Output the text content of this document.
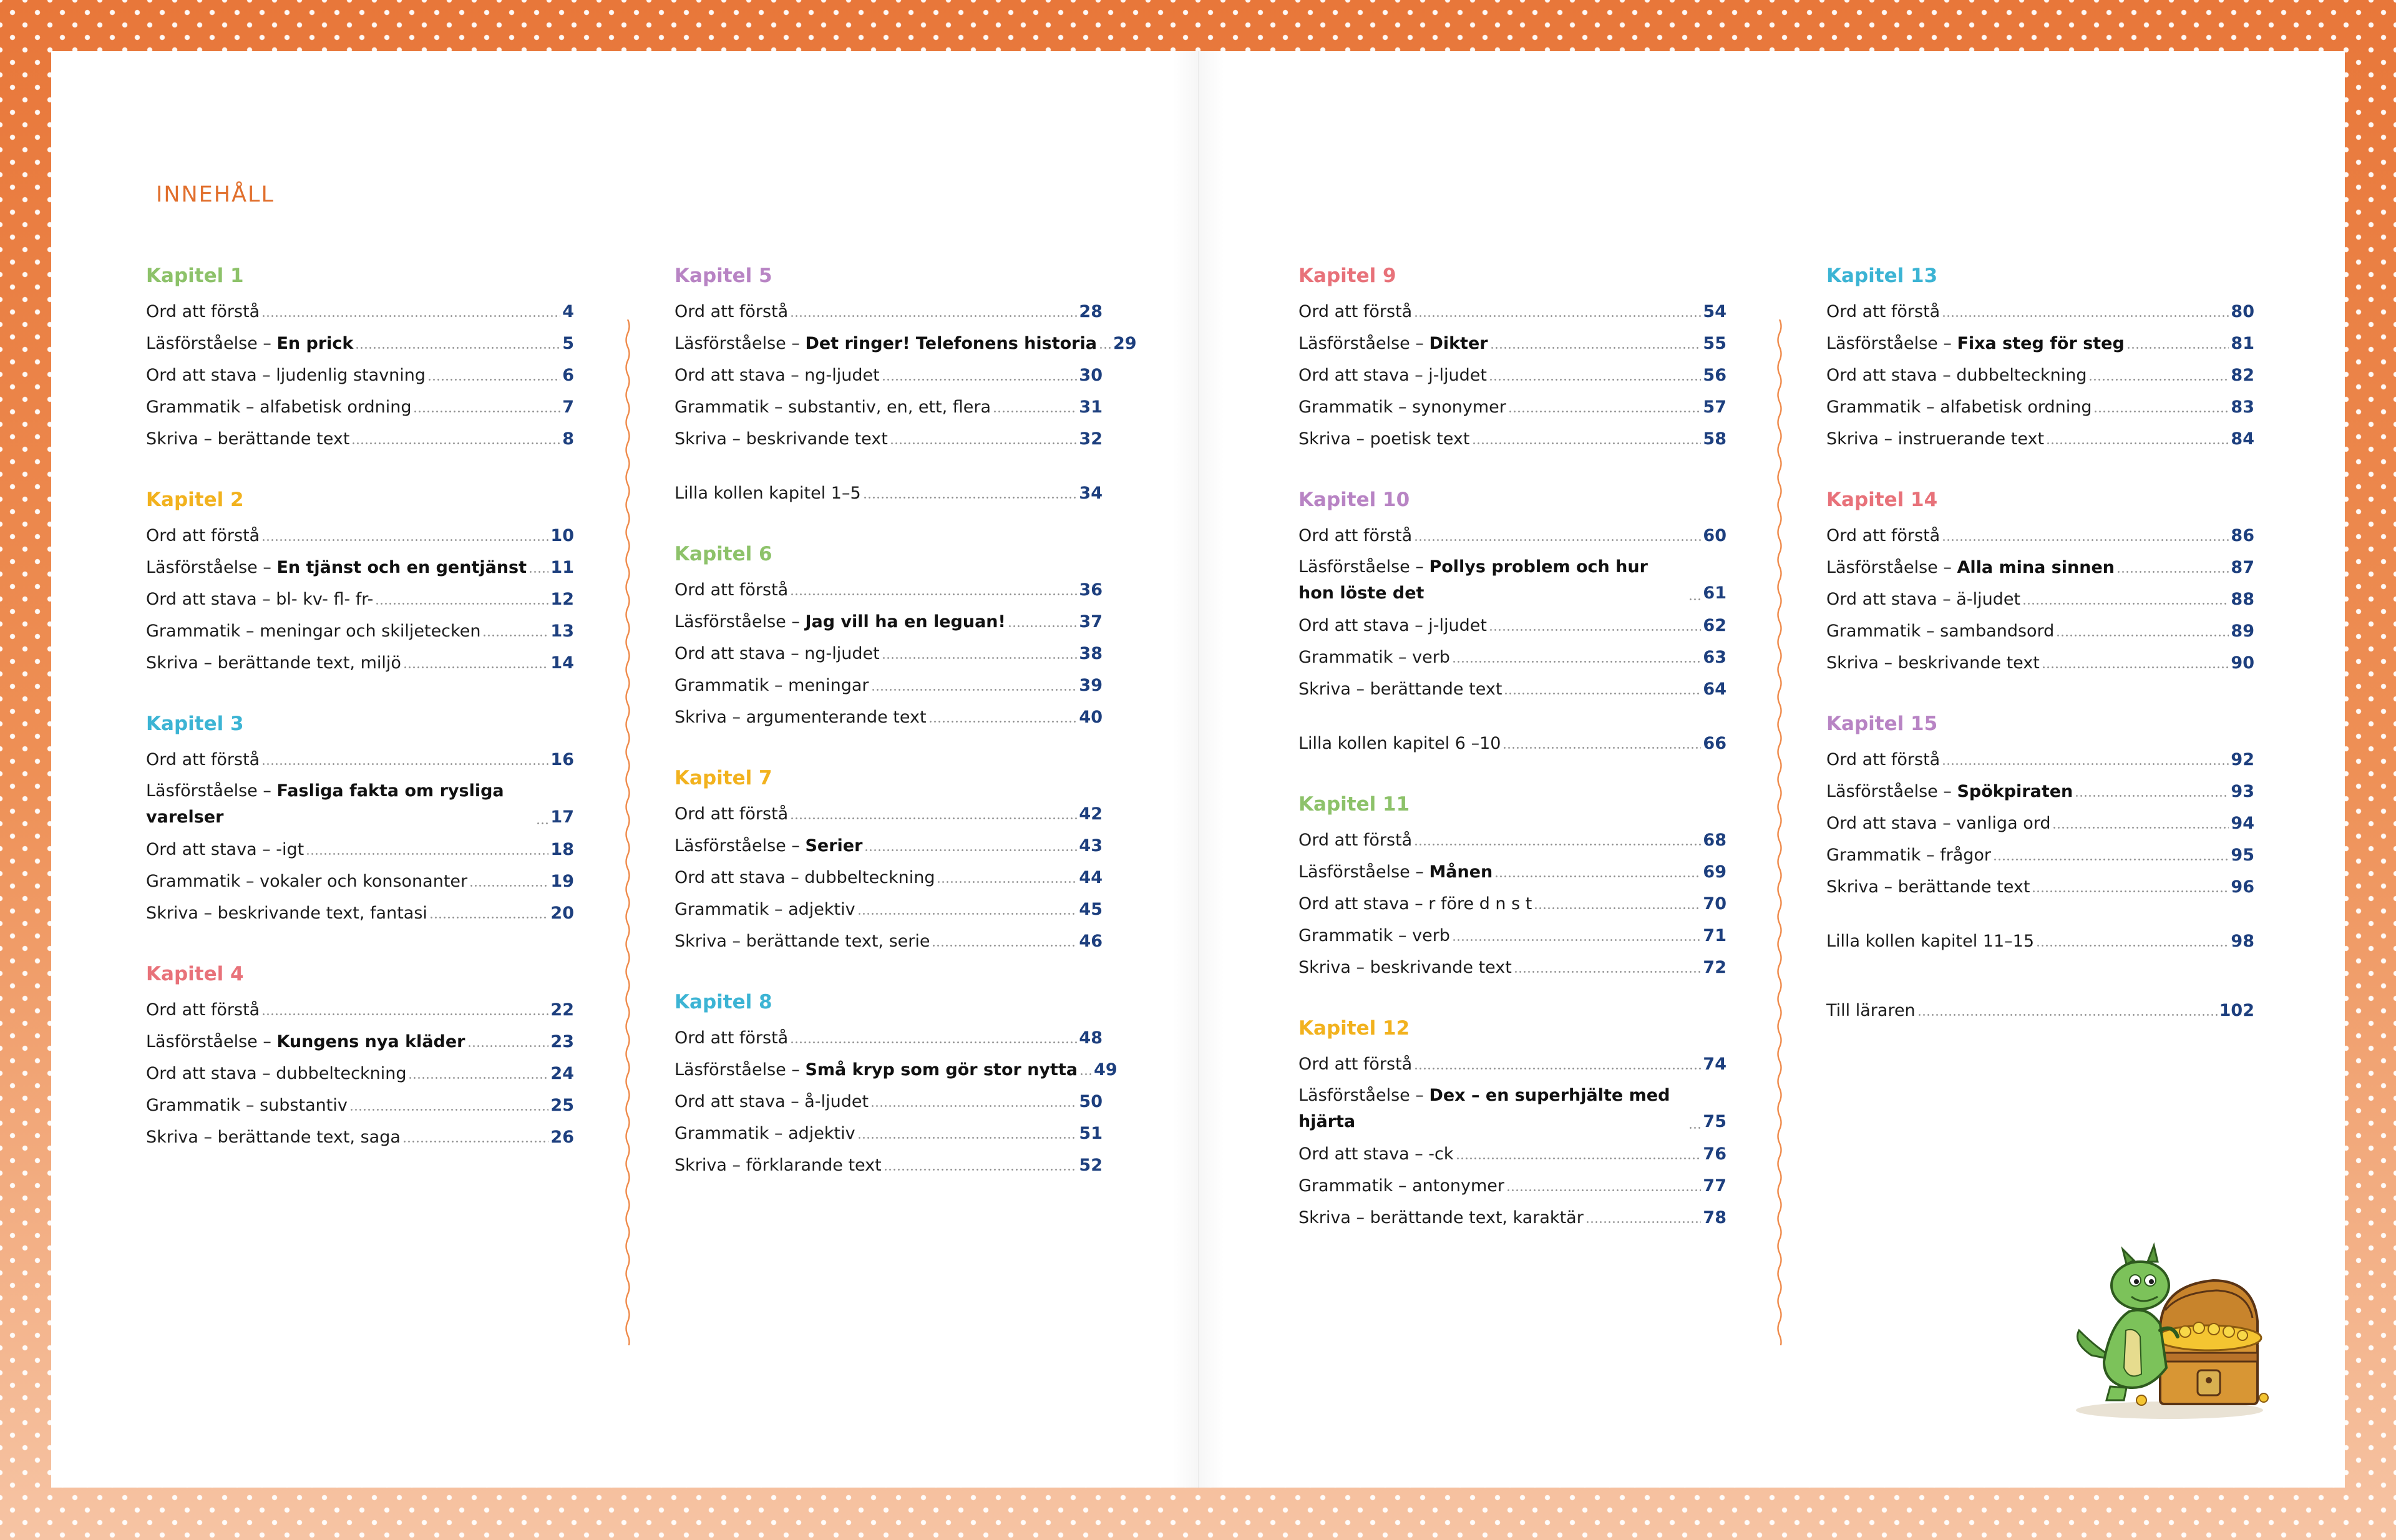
INNEHÅLL
Kapitel 1
Ord att förstå	4
Läsförståelse – En prick	5
Ord att stava – ljudenlig stavning	6
Grammatik – alfabetisk ordning	7
Skriva – berättande text	8
Kapitel 2
Ord att förstå	10
Läsförståelse – En tjänst och en gentjänst 11
Ord att stava – bl- kv- fl- fr-	12
Grammatik – meningar och skiljetecken	13
Skriva – berättande text, miljö	14
Kapitel 3
Ord att förstå	16
Läsförståelse – Fasliga fakta om rysliga varelser	17
Ord att stava – -igt	18
Grammatik – vokaler och konsonanter	19
Skriva – beskrivande text, fantasi	20
Kapitel 4
Ord att förstå	22
Läsförståelse – Kungens nya kläder	23
Ord att stava – dubbelteckning	24
Grammatik – substantiv	25
Skriva – berättande text, saga	26
Kapitel 5
Ord att förstå	28
Läsförståelse – Det ringer! Telefonens historia 29
Ord att stava – ng-ljudet	30
Grammatik – substantiv, en, ett, flera	31
Skriva – beskrivande text	32
Lilla kollen kapitel 1–5	34
Kapitel 6
Ord att förstå	36
Läsförståelse – Jag vill ha en leguan!	37
Ord att stava – ng-ljudet	38
Grammatik – meningar	39
Skriva – argumenterande text	40
Kapitel 7
Ord att förstå	42
Läsförståelse – Serier	43
Ord att stava – dubbelteckning	44
Grammatik – adjektiv	45
Skriva – berättande text, serie	46
Kapitel 8
Ord att förstå	48
Läsförståelse – Små kryp som gör stor nytta 49
Ord att stava – å-ljudet	50
Grammatik – adjektiv	51
Skriva – förklarande text	52
Kapitel 9
Ord att förstå	54
Läsförståelse – Dikter	55
Ord att stava – j-ljudet	56
Grammatik – synonymer	57
Skriva – poetisk text	58
Kapitel 10
Ord att förstå	60
Läsförståelse – Pollys problem och hur hon löste det	61
Ord att stava – j-ljudet	62
Grammatik – verb	63
Skriva – berättande text	64
Lilla kollen kapitel 6 –10	66
Kapitel 11
Ord att förstå	68
Läsförståelse – Månen	69
Ord att stava – r före d n s t	70
Grammatik – verb	71
Skriva – beskrivande text	72
Kapitel 12
Ord att förstå	74
Läsförståelse – Dex – en superhjälte med hjärta	75
Ord att stava – -ck	76
Grammatik – antonymer	77
Skriva – berättande text, karaktär	78
Kapitel 13
Ord att förstå	80
Läsförståelse – Fixa steg för steg	81
Ord att stava – dubbelteckning	82
Grammatik – alfabetisk ordning	83
Skriva – instruerande text	84
Kapitel 14
Ord att förstå	86
Läsförståelse – Alla mina sinnen	87
Ord att stava – ä-ljudet	88
Grammatik – sambandsord	89
Skriva – beskrivande text	90
Kapitel 15
Ord att förstå	92
Läsförståelse – Spökpiraten	93
Ord att stava – vanliga ord	94
Grammatik – frågor	95
Skriva – berättande text	96
Lilla kollen kapitel 11–15	98
Till läraren	102
